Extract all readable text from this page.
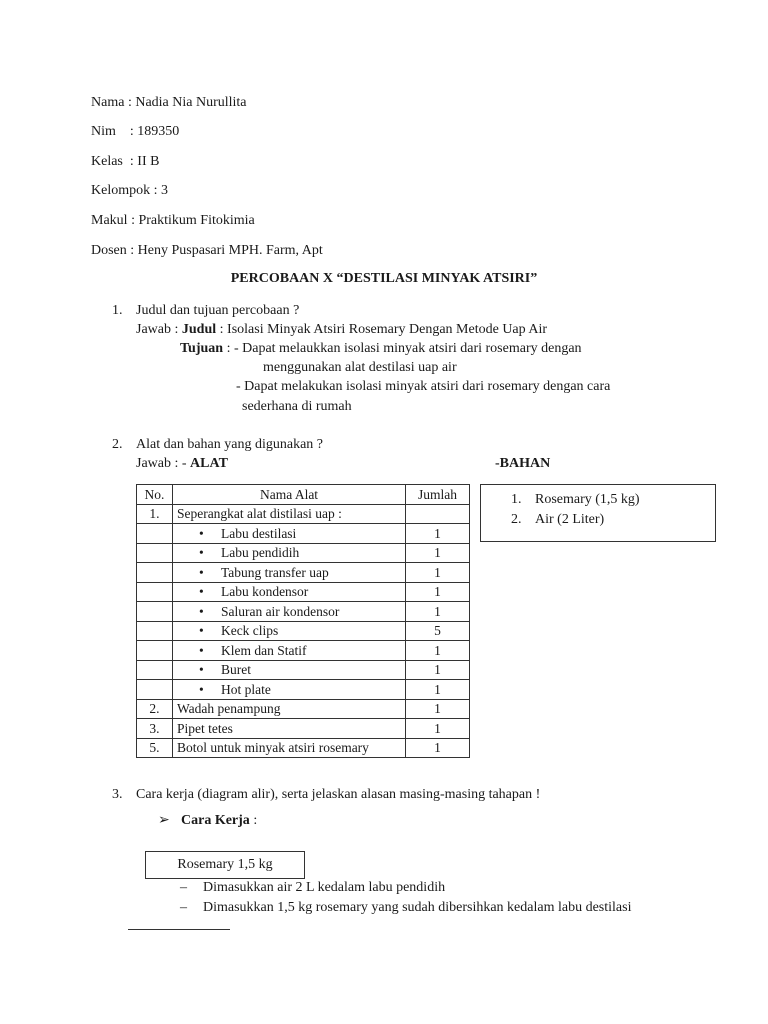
Nama : Nadia Nia Nurullita
Nim    : 189350
Kelas  : II B
Kelompok : 3
Makul : Praktikum Fitokimia
Dosen : Heny Puspasari MPH. Farm, Apt
PERCOBAAN X “DESTILASI MINYAK ATSIRI”
1. Judul dan tujuan percobaan ?
Jawab : Judul : Isolasi Minyak Atsiri Rosemary Dengan Metode Uap Air
Tujuan : - Dapat melaukkan isolasi minyak atsiri dari rosemary dengan
menggunakan alat destilasi uap air
- Dapat melakukan isolasi minyak atsiri dari rosemary dengan cara
sederhana di rumah
2. Alat dan bahan yang digunakan ?
Jawab : - ALAT	-BAHAN
No.	Nama Alat	Jumlah
1.	Seperangkat alat distilasi uap :	
	• Labu destilasi	1
	• Labu pendidih	1
	• Tabung transfer uap	1
	• Labu kondensor	1
	• Saluran air kondensor	1
	• Keck clips	5
	• Klem dan Statif	1
	• Buret	1
	• Hot plate	1
2.	Wadah penampung	1
3.	Pipet tetes	1
5.	Botol untuk minyak atsiri rosemary	1
1. Rosemary (1,5 kg)
2. Air (2 Liter)
3. Cara kerja (diagram alir), serta jelaskan alasan masing-masing tahapan !
➢ Cara Kerja :
Rosemary 1,5 kg
– Dimasukkan air 2 L kedalam labu pendidih
– Dimasukkan 1,5 kg rosemary yang sudah dibersihkan kedalam labu destilasi
